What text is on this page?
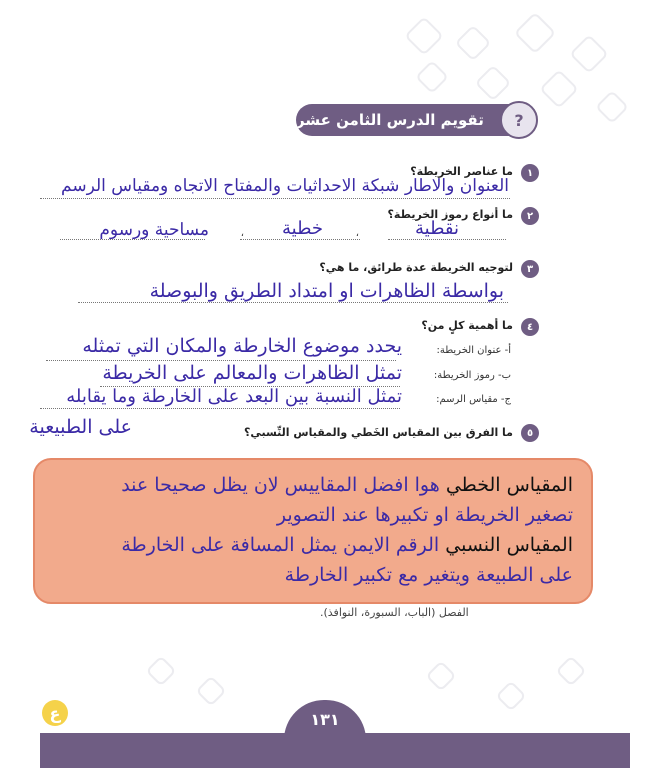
تقويم الدرس الثامن عشر	?
١
ما عناصر الخريطة؟
العنوان والاطار شبكة الاحداثيات والمفتاح الاتجاه ومقياس الرسم
٢
ما أنواع رموز الخريطة؟
نقطية
خطية
مساحية ورسوم	،
،
٣
لتوجيه الخريطة عدة طرائق، ما هي؟
بواسطة الظاهرات او امتداد الطريق والبوصلة
٤
ما أهمية كلٍ من؟
أ- عنوان الخريطة:
يحدد موضوع الخارطة والمكان التي تمثله
ب- رموز الخريطة:
تمثل الظاهرات والمعالم على الخريطة
ج- مقياس الرسم:
تمثل النسبة بين البعد على الخارطة وما يقابله
على الطبيعية	٥
ما الفرق بين المقياس الخَطي والمقياس النِّسبي؟
المقياس الخطي هوا افضل المقاييس لان يظل صحيحا عند
تصغير الخريطة او تكبيرها عند التصوير
المقياس النسبي الرقم الايمن يمثل المسافة على الخارطة
على الطبيعة ويتغير مع تكبير الخارطة
الفصل (الباب، السبورة، النوافذ).
١٣١
ع
